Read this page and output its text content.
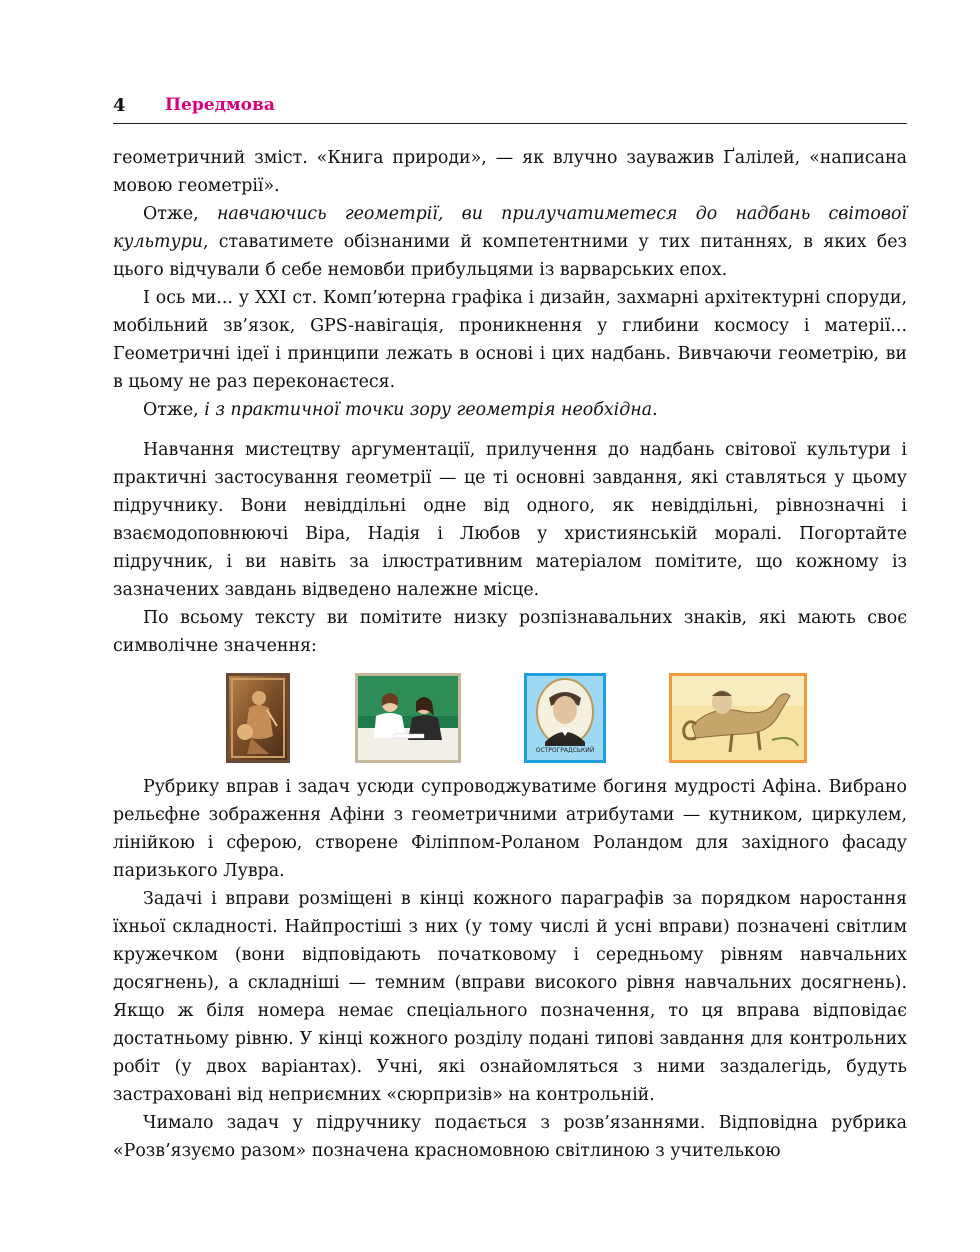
4 Передмова

геометричний зміст. «Книга природи», — як влучно зауважив Ґалілей, «написана мовою геометрії».

Отже, навчаючись геометрії, ви прилучатиметеся до надбань світової культури, ставатимете обізнаними й компетентними у тих питаннях, в яких без цього відчували б себе немовби прибульцями із варварських епох.

І ось ми... у XXI ст. Комп’ютерна графіка і дизайн, захмарні архітектурні споруди, мобільний зв’язок, GPS-навігація, проникнення у глибини космосу і матерії... Геометричні ідеї і принципи лежать в основі і цих надбань. Вивчаючи геометрію, ви в цьому не раз переконаєтеся.

Отже, і з практичної точки зору геометрія необхідна.

Навчання мистецтву аргументації, прилучення до надбань світової культури і практичні застосування геометрії — це ті основні завдання, які ставляться у цьому підручнику. Вони невіддільні одне від одного, як невіддільні, рівнозначні і взаємодоповнюючі Віра, Надія і Любов у християнській моралі. Погортайте підручник, і ви навіть за ілюстративним матеріалом помітите, що кожному із зазначених завдань відведено належне місце.

По всьому тексту ви помітите низку розпізнавальних знаків, які мають своє символічне значення:

МИХАЙЛО
ОСТРОГРАДСЬКИЙ

Рубрику вправ і задач усюди супроводжуватиме богиня мудрості Афіна. Вибрано рельєфне зображення Афіни з геометричними атрибутами — кутником, циркулем, лінійкою і сферою, створене Філіппом-Роланом Роландом для західного фасаду паризького Лувра.

Задачі і вправи розміщені в кінці кожного параграфів за порядком наростання їхньої складності. Найпростіші з них (у тому числі й усні вправи) позначені світлим кружечком (вони відповідають початковому і середньому рівням навчальних досягнень), а складніші — темним (вправи високого рівня навчальних досягнень). Якщо ж біля номера немає спеціального позначення, то ця вправа відповідає достатньому рівню. У кінці кожного розділу подані типові завдання для контрольних робіт (у двох варіантах). Учні, які ознайомляться з ними заздалегідь, будуть застраховані від неприємних «сюрпризів» на контрольній.

Чимало задач у підручнику подається з розв’язаннями. Відповідна рубрика «Розв’язуємо разом» позначена красномовною світлиною з учителькою
